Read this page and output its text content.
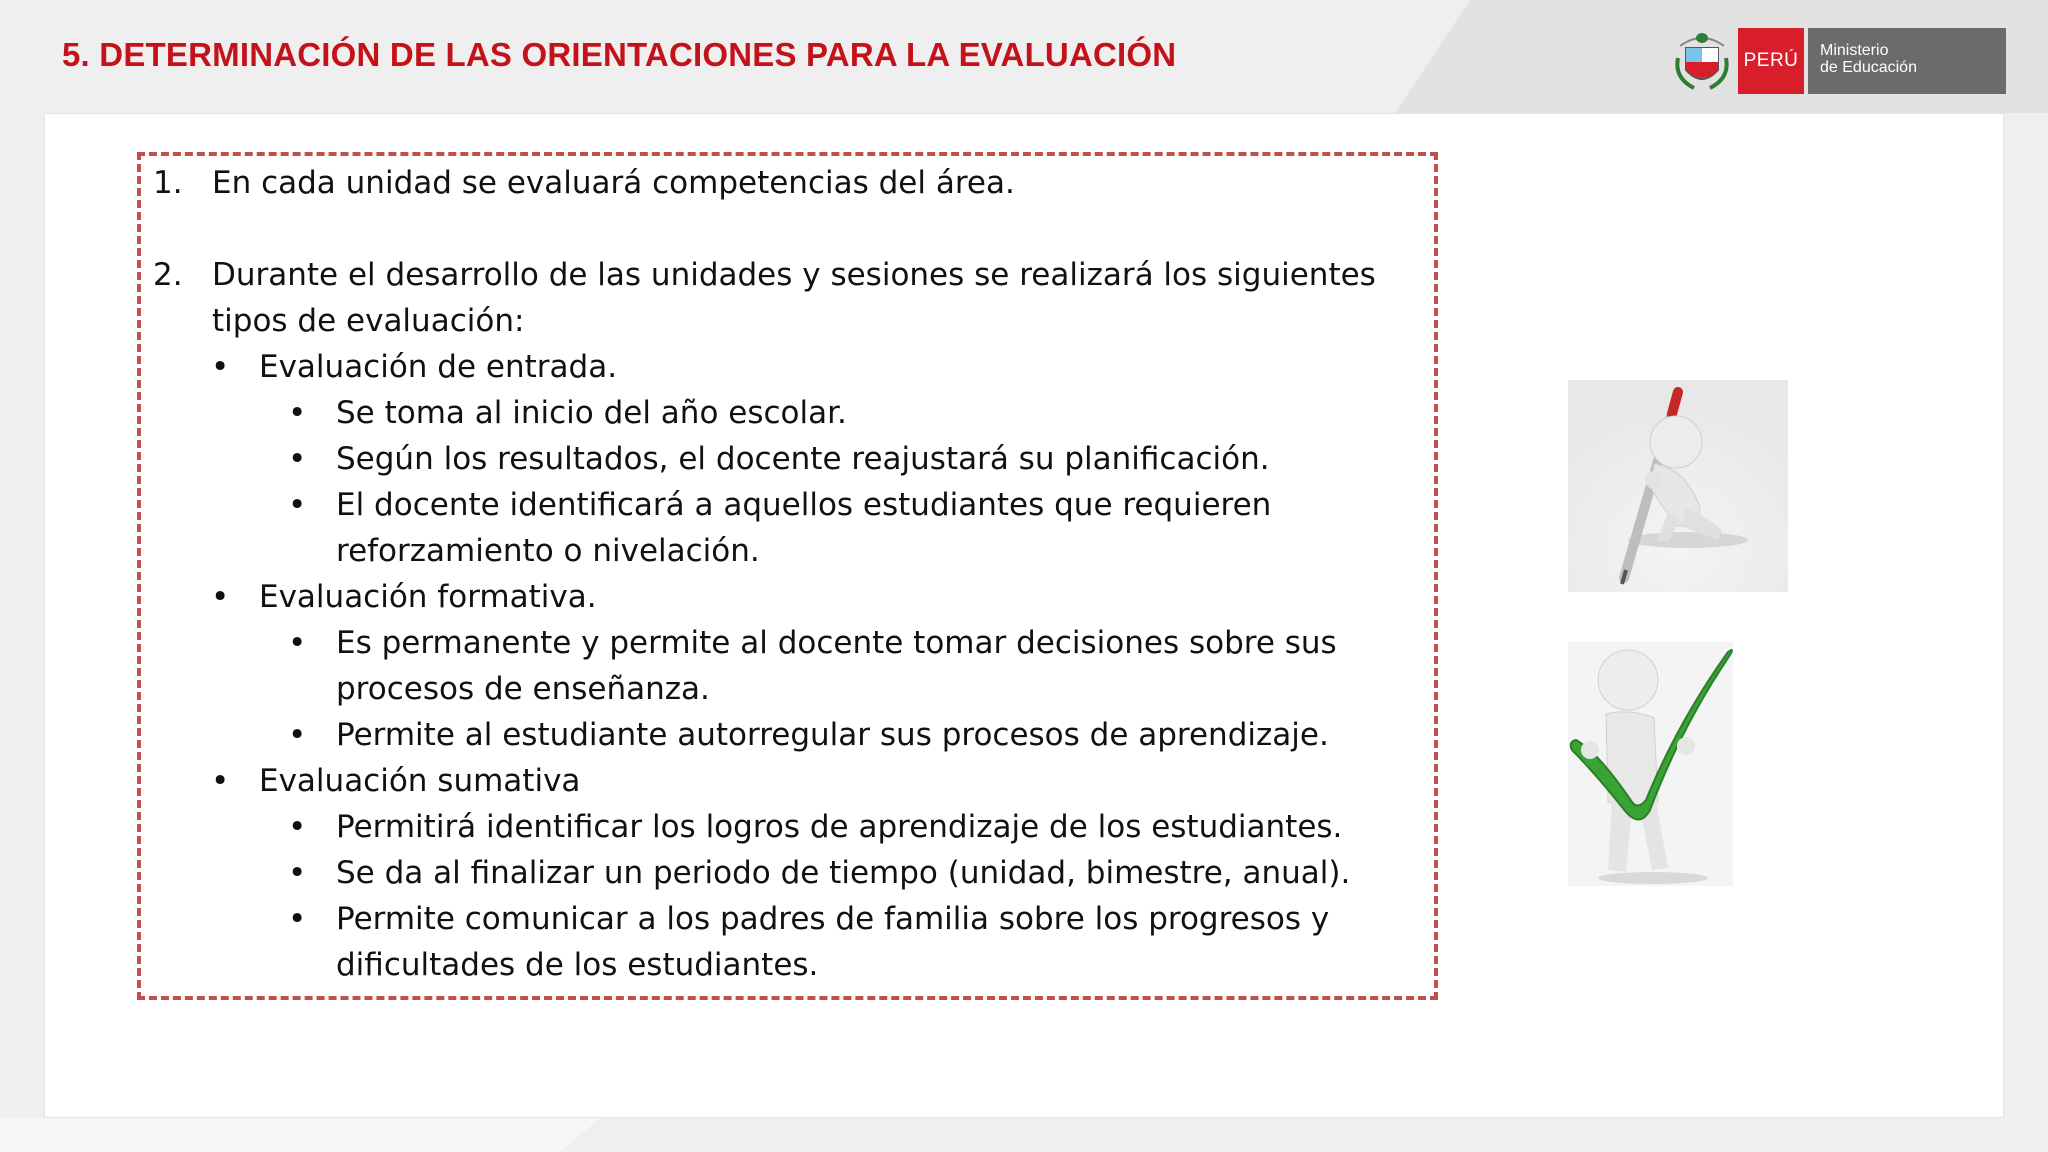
5. DETERMINACIÓN DE LAS ORIENTACIONES PARA LA EVALUACIÓN	PERÚ	Ministerio
de Educación
1. En cada unidad se evaluará competencias del área.
2. Durante el desarrollo de las unidades y sesiones se realizará los siguientes
tipos de evaluación:
• Evaluación de entrada.
• Se toma al inicio del año escolar.
• Según los resultados, el docente reajustará su planificación.
• El docente identificará a aquellos estudiantes que requieren
reforzamiento o nivelación.
• Evaluación formativa.
• Es permanente y permite al docente tomar decisiones sobre sus
procesos de enseñanza.
• Permite al estudiante autorregular sus procesos de aprendizaje.
• Evaluación sumativa
• Permitirá identificar los logros de aprendizaje de los estudiantes.
• Se da al finalizar un periodo de tiempo (unidad, bimestre, anual).
• Permite comunicar a los padres de familia sobre los progresos y
dificultades de los estudiantes.
